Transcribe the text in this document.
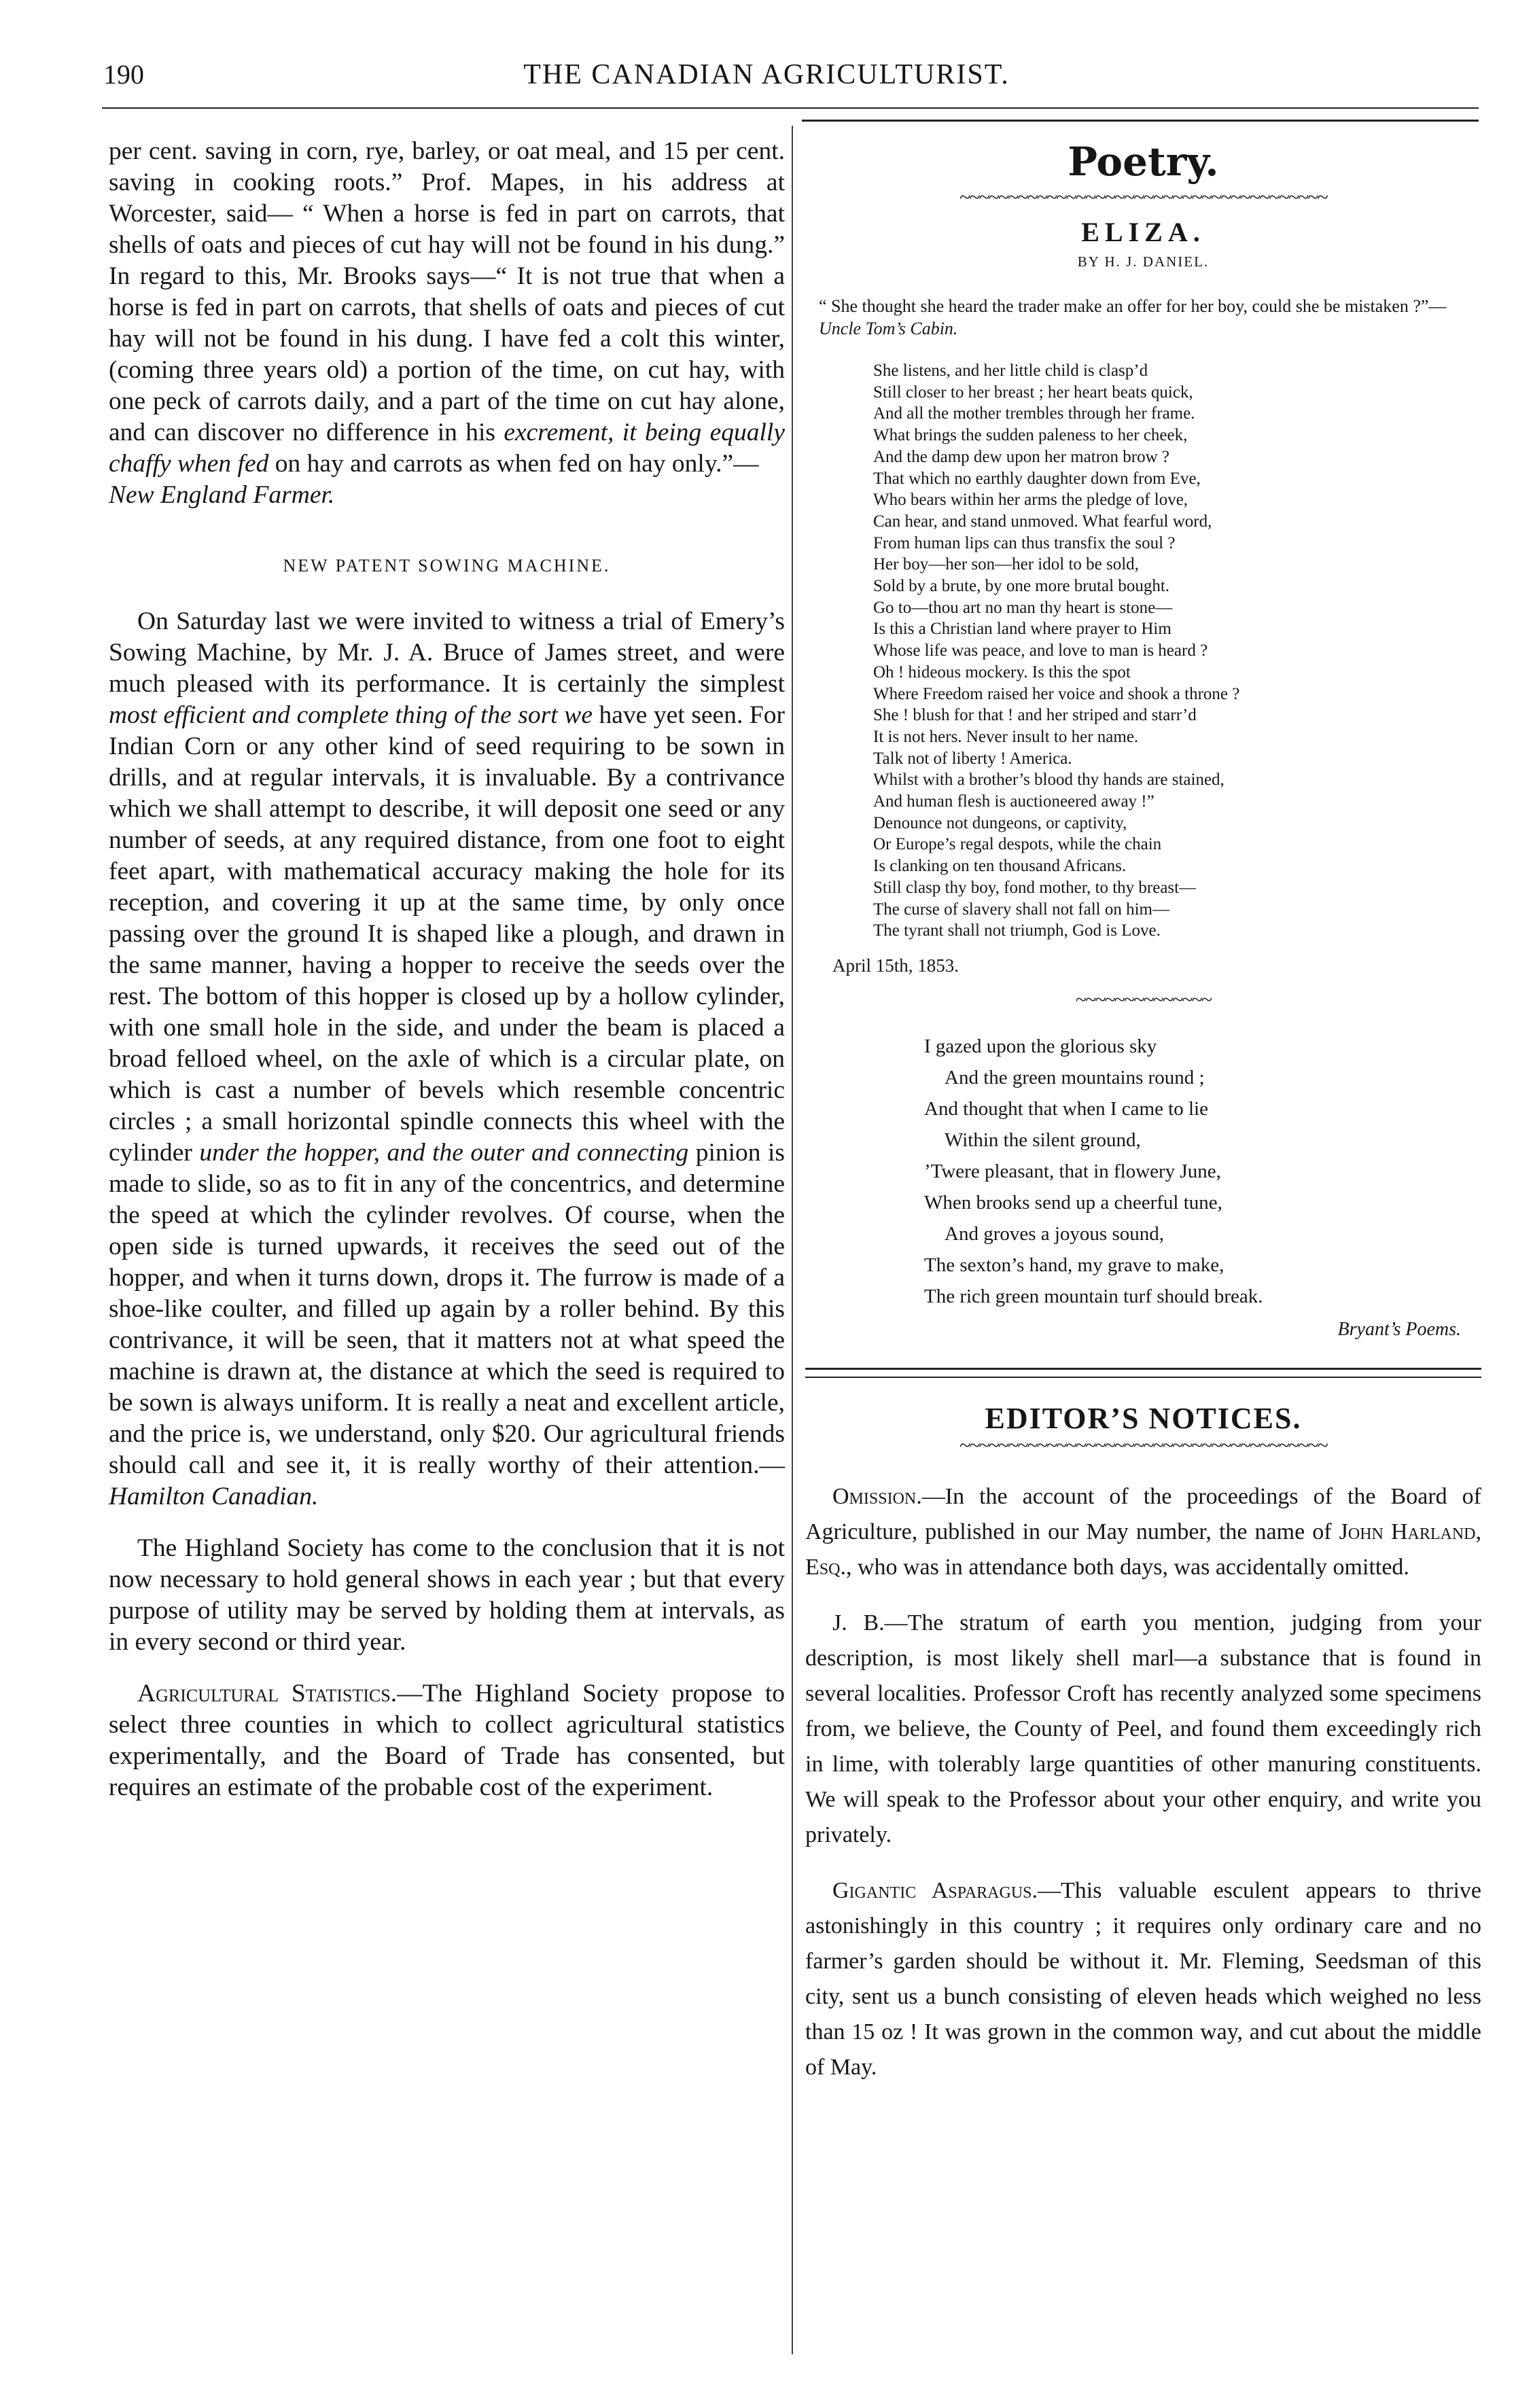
190	THE CANADIAN AGRICULTURIST.

per cent. saving in corn, rye, barley, or oat meal, and 15 per cent. saving in cooking roots.” Prof. Mapes, in his address at Worcester, said— “ When a horse is fed in part on carrots, that shells of oats and pieces of cut hay will not be found in his dung.” In regard to this, Mr. Brooks says—“ It is not true that when a horse is fed in part on carrots, that shells of oats and pieces of cut hay will not be found in his dung. I have fed a colt this winter, (coming three years old) a portion of the time, on cut hay, with one peck of carrots daily, and a part of the time on cut hay alone, and can discover no difference in his excrement, it being equally chaffy when fed on hay and carrots as when fed on hay only.”—
New England Farmer.

NEW PATENT SOWING MACHINE.

On Saturday last we were invited to witness a trial of Emery’s Sowing Machine, by Mr. J. A. Bruce of James street, and were much pleased with its performance. It is certainly the simplest most efficient and complete thing of the sort we have yet seen. For Indian Corn or any other kind of seed requiring to be sown in drills, and at regular intervals, it is invaluable. By a contrivance which we shall attempt to describe, it will deposit one seed or any number of seeds, at any required distance, from one foot to eight feet apart, with mathematical accuracy making the hole for its reception, and covering it up at the same time, by only once passing over the ground It is shaped like a plough, and drawn in the same manner, having a hopper to receive the seeds over the rest. The bottom of this hopper is closed up by a hollow cylinder, with one small hole in the side, and under the beam is placed a broad felloed wheel, on the axle of which is a circular plate, on which is cast a number of bevels which resemble concentric circles ; a small horizontal spindle connects this wheel with the cylinder under the hopper, and the outer and connecting pinion is made to slide, so as to fit in any of the concentrics, and determine the speed at which the cylinder revolves. Of course, when the open side is turned upwards, it receives the seed out of the hopper, and when it turns down, drops it. The furrow is made of a shoe-like coulter, and filled up again by a roller behind. By this contrivance, it will be seen, that it matters not at what speed the machine is drawn at, the distance at which the seed is required to be sown is always uniform. It is really a neat and excellent article, and the price is, we understand, only $20. Our agricultural friends should call and see it, it is really worthy of their attention.—Hamilton Canadian.

The Highland Society has come to the conclusion that it is not now necessary to hold general shows in each year ; but that every purpose of utility may be served by holding them at intervals, as in every second or third year.

Agricultural Statistics.—The Highland Society propose to select three counties in which to collect agricultural statistics experimentally, and the Board of Trade has consented, but requires an estimate of the probable cost of the experiment.

Poetry.
~~~~~~~~~~~~~~~~~~~~~~~~~~~~~~~~~~~~~~
ELIZA.
BY H. J. DANIEL.
“ She thought she heard the trader make an offer for her boy, could she be mistaken ?”—Uncle Tom’s Cabin.
She listens, and her little child is clasp’d
Still closer to her breast ; her heart beats quick,
And all the mother trembles through her frame.
What brings the sudden paleness to her cheek,
And the damp dew upon her matron brow ?
That which no earthly daughter down from Eve,
Who bears within her arms the pledge of love,
Can hear, and stand unmoved. What fearful word,
From human lips can thus transfix the soul ?
Her boy—her son—her idol to be sold,
Sold by a brute, by one more brutal bought.
Go to—thou art no man thy heart is stone—
Is this a Christian land where prayer to Him
Whose life was peace, and love to man is heard ?
Oh ! hideous mockery. Is this the spot
Where Freedom raised her voice and shook a throne ?
She ! blush for that ! and her striped and starr’d
It is not hers. Never insult to her name.
Talk not of liberty ! America.
Whilst with a brother’s blood thy hands are stained,
And human flesh is auctioneered away !”
Denounce not dungeons, or captivity,
Or Europe’s regal despots, while the chain
Is clanking on ten thousand Africans.
Still clasp thy boy, fond mother, to thy breast—
The curse of slavery shall not fall on him—
The tyrant shall not triumph, God is Love.
April 15th, 1853.
~~~~~~~~~~~~~~
I gazed upon the glorious sky
And the green mountains round ;
And thought that when I came to lie
Within the silent ground,
’Twere pleasant, that in flowery June,
When brooks send up a cheerful tune,
And groves a joyous sound,
The sexton’s hand, my grave to make,
The rich green mountain turf should break.
Bryant’s Poems.
EDITOR’S NOTICES.
~~~~~~~~~~~~~~~~~~~~~~~~~~~~~~~~~~~~~~

Omission.—In the account of the proceedings of the Board of Agriculture, published in our May number, the name of John Harland, Esq., who was in attendance both days, was accidentally omitted.

J. B.—The stratum of earth you mention, judging from your description, is most likely shell marl—a substance that is found in several localities. Professor Croft has recently analyzed some specimens from, we believe, the County of Peel, and found them exceedingly rich in lime, with tolerably large quantities of other manuring constituents. We will speak to the Professor about your other enquiry, and write you privately.

Gigantic Asparagus.—This valuable esculent appears to thrive astonishingly in this country ; it requires only ordinary care and no farmer’s garden should be without it. Mr. Fleming, Seedsman of this city, sent us a bunch consisting of eleven heads which weighed no less than 15 oz ! It was grown in the common way, and cut about the middle of May.
